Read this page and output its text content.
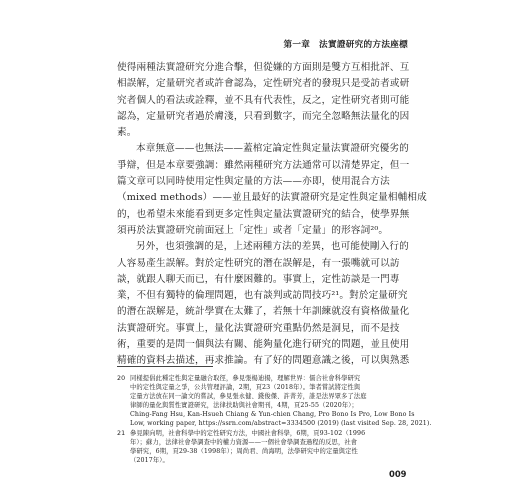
第一章　法實證研究的方法座標
使得兩種法實證研究分進合擊，但從嫌的方面則是雙方互相批評、互
相誤解，定量研究者或許會認為，定性研究者的發現只是受訪者或研
究者個人的看法或詮釋，並不具有代表性，反之，定性研究者則可能
認為，定量研究者過於膚淺，只看到數字，而完全忽略無法量化的因
素。
本章無意——也無法——蓋棺定論定性與定量法實證研究優劣的
爭辯，但是本章要強調：雖然兩種研究方法通常可以清楚界定，但一
篇文章可以同時使用定性與定量的方法——亦即，使用混合方法
（mixed methods）——並且最好的法實證研究是定性與定量相輔相成
的，也希望未來能看到更多定性與定量法實證研究的結合，使學界無
須再於法實證研究前面冠上「定性」或者「定量」的形容詞²⁰。
另外，也須強調的是，上述兩種方法的差異，也可能使剛入行的
人容易產生誤解。對於定性研究的潛在誤解是，有一張嘴就可以訪
談，就跟人聊天而已，有什麼困難的。事實上，定性訪談是一門專
業，不但有獨特的倫理問題，也有談判或訪問技巧²¹。對於定量研究
的潛在誤解是，統計學實在太難了，若無十年訓練就沒有資格做量化
法實證研究。事實上，量化法實證研究重點仍然是洞見，而不是技
術，重要的是問一個與法有關、能夠量化進行研究的問題，並且使用
精確的資料去描述，再求推論。有了好的問題意識之後，可以與熟悉
20 同樣提倡此種定性與定量融合取徑，參見張楊迪揚，理解世界：儒合社會科學研究
中的定性與定量之爭，公共管理評論，2期，頁23（2018年）。筆者嘗試將定性與
定量方法放在同一論文的嘗試，參見張永健、錢俊傑、許菁芳，誰是法界眾多了法庭
律師的量化與質性實證研究，法律扶助與社會期刊，4期，頁25-55（2020年）；
Ching-Fang Hsu, Kan-Hsueh Chiang & Yun-chien Chang, Pro Bono Is Pro, Low Bono Is
Low, working paper, https://ssrn.com/abstract=3334500 (2019) (last visited Sep. 28, 2021).
21 參見陳向明，社會科學中的定性研究方法，中國社會科學，6期，頁93-102（1996
年）；蘇力，法律社會學調查中的權力資源——一個社會學調查過程的反思，社會
學研究，6期，頁29-38（1998年）；周尚君、尚海明，法學研究中的定量與定性
（2017年）。
009
